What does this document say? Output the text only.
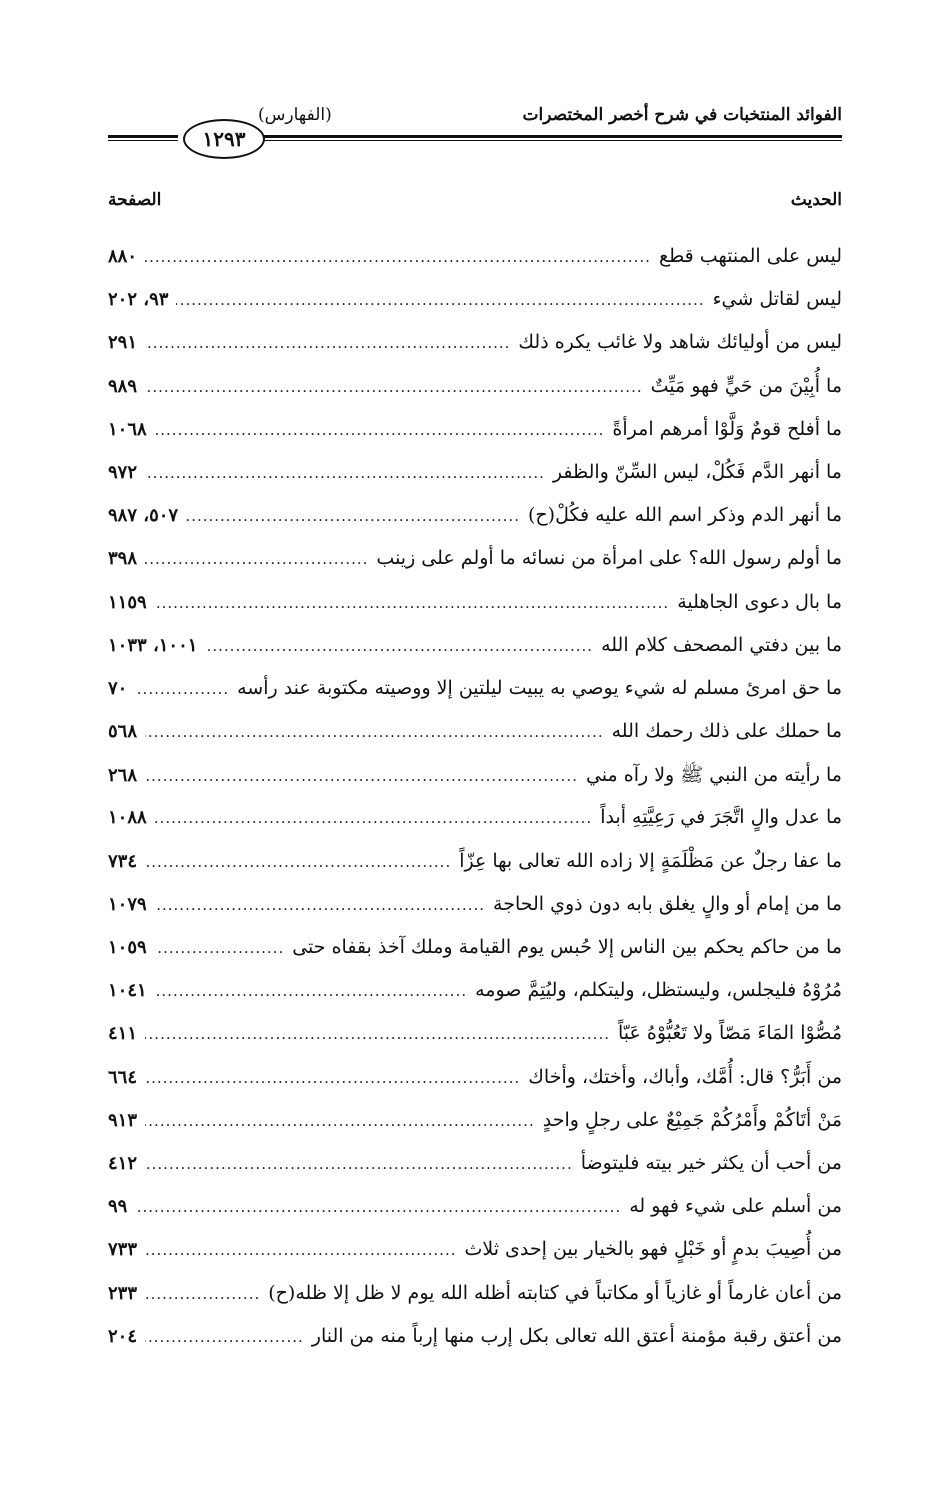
الفوائد المنتخبات في شرح أخصر المختصرات
(الفهارس)
١٢٩٣
الحديث
الصفحة
ليس على المنتهب قطع
.....
٨٨٠
ليس لقاتل شيء
.....
٩٣، ٢٠٢
ليس من أوليائك شاهد ولا غائب يكره ذلك
.....
٢٩١
ما أُبِيْنَ من حَيٍّ فهو مَيِّتٌ
.....
٩٨٩
ما أفلح قومٌ وَلَّوْا أمرهم امرأةً
.....
١٠٦٨
ما أنهر الدَّم فَكُلْ، ليس السِّنّ والظفر
.....
٩٧٢
ما أنهر الدم وذكر اسم الله عليه فكُلْ(ح)
.....
٥٠٧، ٩٨٧
ما أولم رسول الله؟ على امرأة من نسائه ما أولم على زينب
.....
٣٩٨
ما بال دعوى الجاهلية
.....
١١٥٩
ما بين دفتي المصحف كلام الله
.....
١٠٠١، ١٠٣٣
ما حق امرئ مسلم له شيء يوصي به يبيت ليلتين إلا ووصيته مكتوبة عند رأسه
.....
٧٠
ما حملك على ذلك رحمك الله
.....
٥٦٨
ما رأيته من النبي ﷺ ولا رآه مني
.....
٢٦٨
ما عدل والٍ اتَّجَرَ في رَعِيَّتِهِ أبداً
.....
١٠٨٨
ما عفا رجلٌ عن مَظْلَمَةٍ إلا زاده الله تعالى بها عِزّاً
.....
٧٣٤
ما من إمام أو والٍ يغلق بابه دون ذوي الحاجة
.....
١٠٧٩
ما من حاكم يحكم بين الناس إلا حُبس يوم القيامة وملك آخذ بقفاه حتى
.....
١٠٥٩
مُرُوْهُ فليجلس، وليستظل، وليتكلم، وليُتِمَّ صومه
.....
١٠٤١
مُصُّوْا المَاءَ مَصّاً ولا تَعُبُّوْهُ عَبّاً
.....
٤١١
من أَبَرُّ؟ قال: أُمَّك، وأباك، وأختك، وأخاك
.....
٦٦٤
مَنْ أتَاكُمْ وأَمْرُكُمْ جَمِيْعٌ على رجلٍ واحدٍ
.....
٩١٣
من أحب أن يكثر خير بيته فليتوضأ
.....
٤١٢
من أسلم على شيء فهو له
.....
٩٩
من أُصِيبَ بدمٍ أو خَبْلٍ فهو بالخيار بين إحدى ثلاث
.....
٧٣٣
من أعان غارماً أو غازياً أو مكاتباً في كتابته أظله الله يوم لا ظل إلا ظله(ح)
.....
٢٣٣
من أعتق رقبة مؤمنة أعتق الله تعالى بكل إرب منها إرباً منه من النار
.....
٢٠٤
